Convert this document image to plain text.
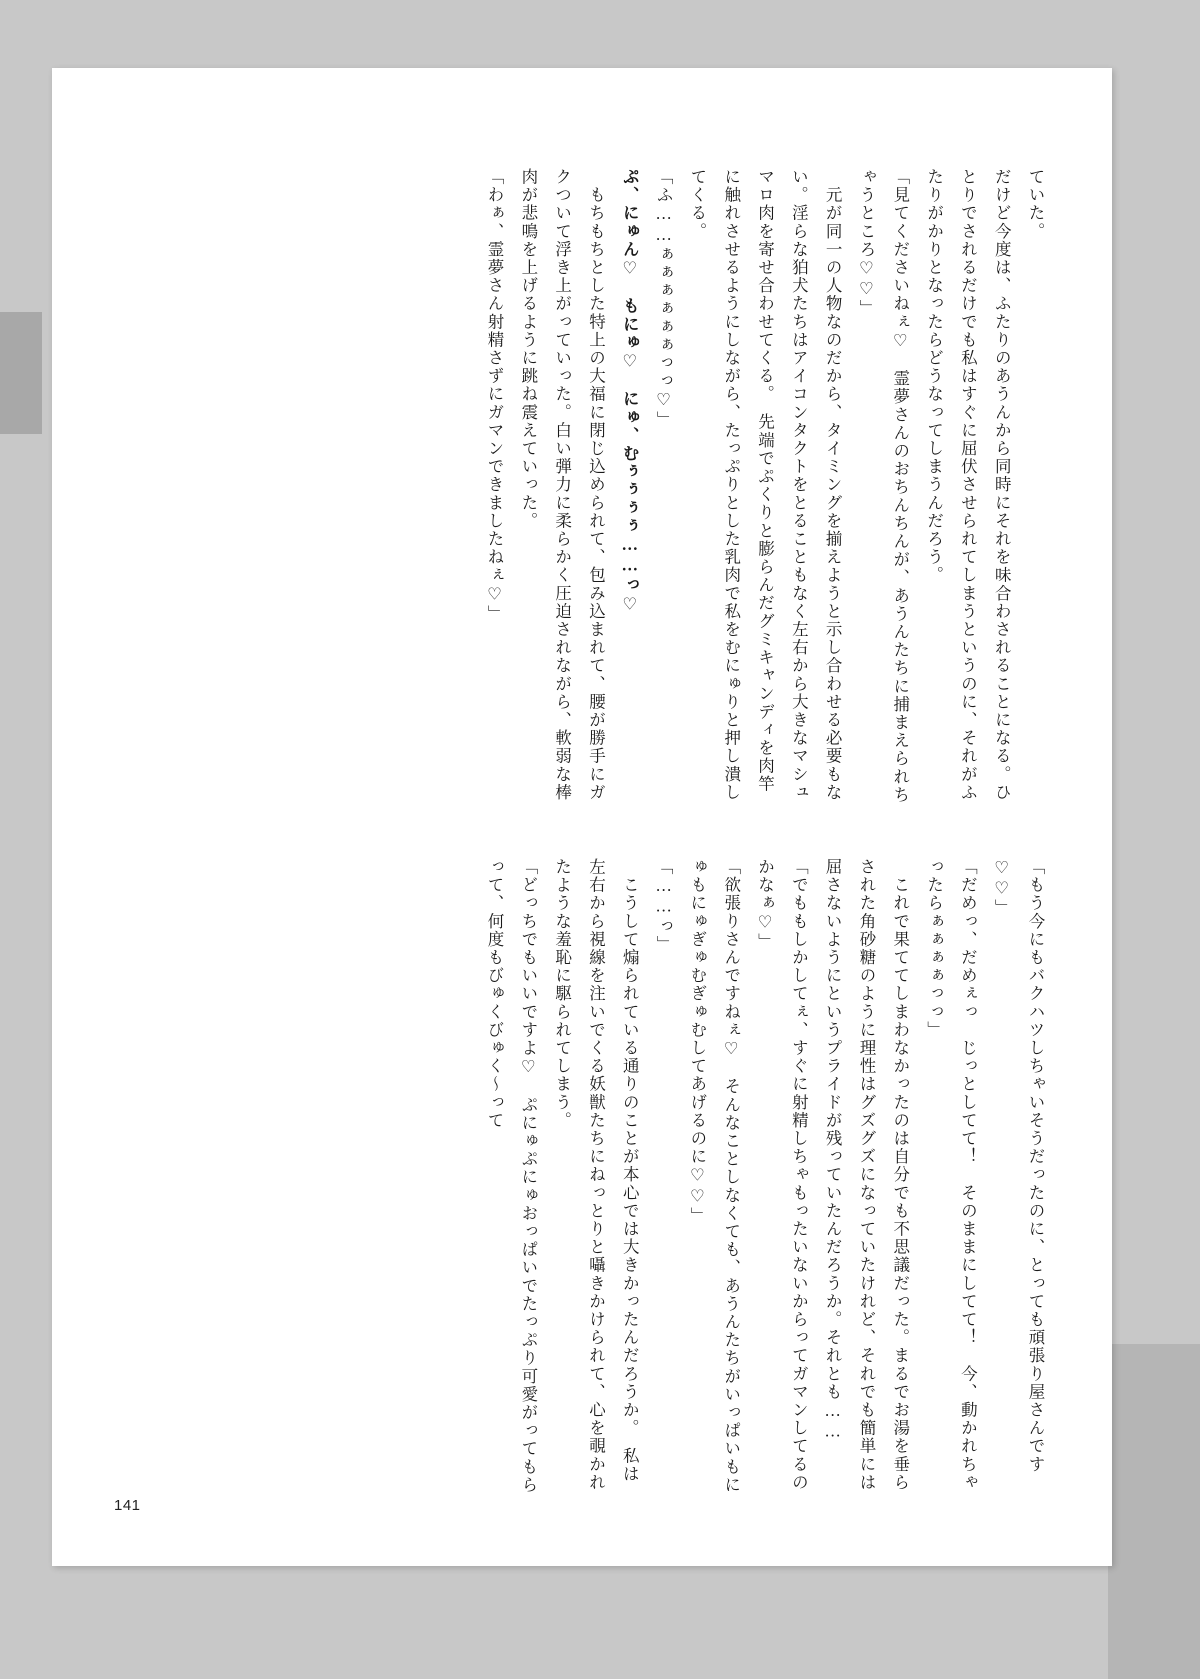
ていた。

だけど今度は、ふたりのあうんから同時にそれを味合わされることになる。ひとりでされるだけでも私はすぐに屈伏させられてしまうというのに、それがふたりがかりとなったらどうなってしまうんだろう。

「見てくださいねぇ♡　霊夢さんのおちんちんが、あうんたちに捕まえられちゃうところ♡♡」

　元が同一の人物なのだから、タイミングを揃えようと示し合わせる必要もない。淫らな狛犬たちはアイコンタクトをとることもなく左右から大きなマシュマロ肉を寄せ合わせてくる。　先端でぷくりと膨らんだグミキャンディを肉竿に触れさせるようにしながら、たっぷりとした乳肉で私をむにゅりと押し潰してくる。

「ふ……ぁぁぁぁぁぁっっ♡」

ぷ、にゅん♡　もにゅ♡　にゅ、むぅぅぅぅ……っ♡

　もちもちとした特上の大福に閉じ込められて、包み込まれて、腰が勝手にガクついて浮き上がっていった。白い弾力に柔らかく圧迫されながら、軟弱な棒肉が悲鳴を上げるように跳ね震えていった。

「わぁ、霊夢さん射精さずにガマンできましたねぇ♡」

「もう今にもバクハツしちゃいそうだったのに、とっても頑張り屋さんです♡♡」

「だめっ、だめぇっ　じっとしてて！　そのままにしてて！　今、動かれちゃったらぁぁぁぁっっ」

　これで果ててしまわなかったのは自分でも不思議だった。まるでお湯を垂らされた角砂糖のように理性はグズグズになっていたけれど、それでも簡単には屈さないようにというプライドが残っていたんだろうか。それとも……

「でももしかしてぇ、すぐに射精しちゃもったいないからってガマンしてるのかなぁ♡」

「欲張りさんですねぇ♡　そんなことしなくても、あうんたちがいっぱいもにゅもにゅぎゅむぎゅむしてあげるのに♡♡」

「……っ」

　こうして煽られている通りのことが本心では大きかったんだろうか。　私は左右から視線を注いでくる妖獣たちにねっとりと囁きかけられて、心を覗かれたような羞恥に駆られてしまう。

「どっちでもいいですよ♡　ぷにゅぷにゅおっぱいでたっぷり可愛がってもらって、何度もびゅくびゅく〜って

141
